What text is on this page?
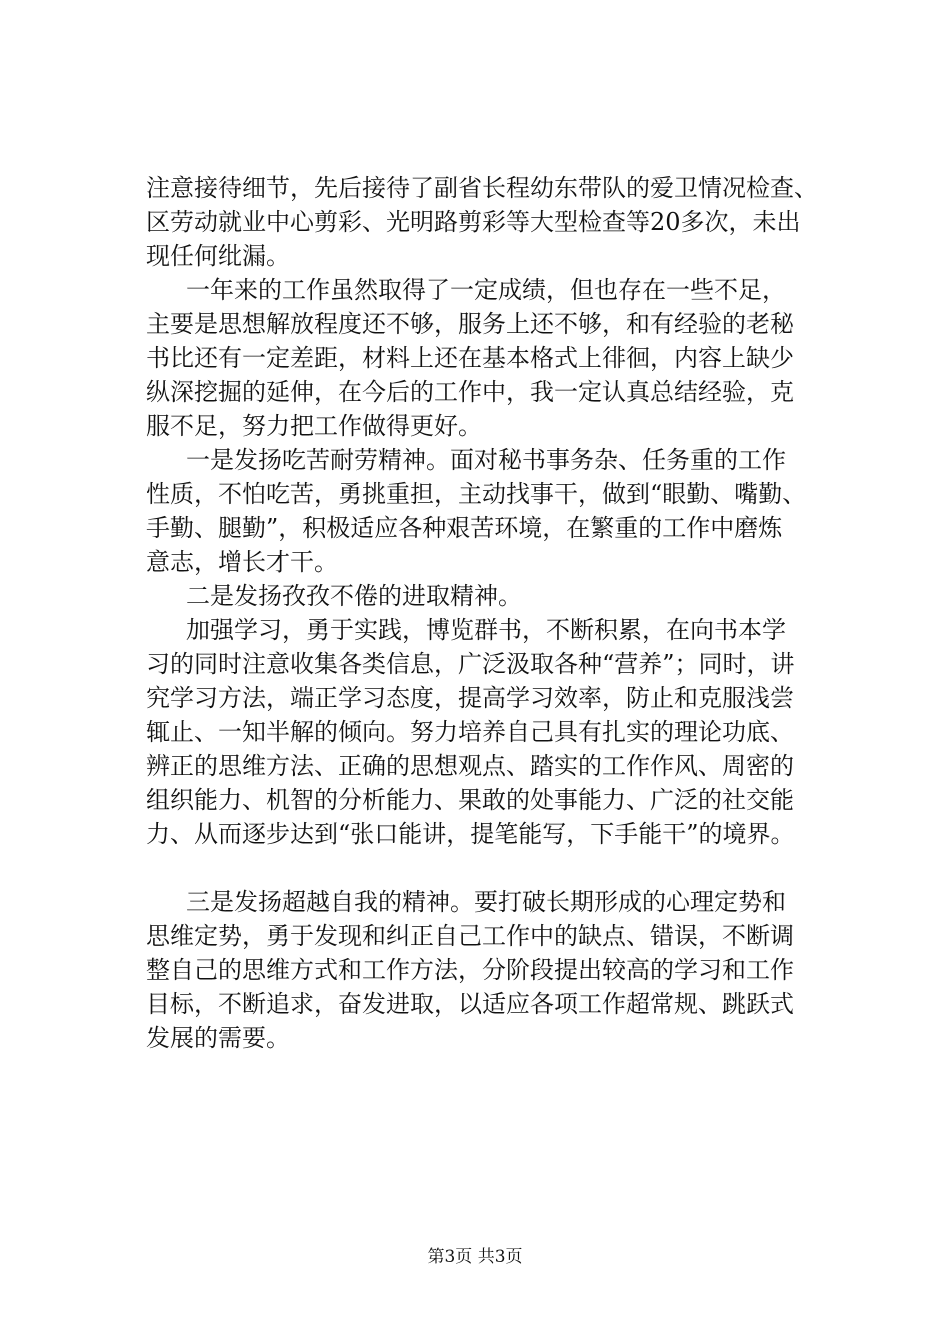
注意接待细节，先后接待了副省长程幼东带队的爱卫情况检查、

区劳动就业中心剪彩、光明路剪彩等大型检查等20多次，未出

现任何纰漏。

一年来的工作虽然取得了一定成绩，但也存在一些不足，

主要是思想解放程度还不够，服务上还不够，和有经验的老秘

书比还有一定差距，材料上还在基本格式上徘徊，内容上缺少

纵深挖掘的延伸，在今后的工作中，我一定认真总结经验，克

服不足，努力把工作做得更好。

一是发扬吃苦耐劳精神。面对秘书事务杂、任务重的工作

性质，不怕吃苦，勇挑重担，主动找事干，做到“眼勤、嘴勤、

手勤、腿勤”，积极适应各种艰苦环境，在繁重的工作中磨炼

意志，增长才干。

二是发扬孜孜不倦的进取精神。

加强学习，勇于实践，博览群书，不断积累，在向书本学

习的同时注意收集各类信息，广泛汲取各种“营养”；同时，讲

究学习方法，端正学习态度，提高学习效率，防止和克服浅尝

辄止、一知半解的倾向。努力培养自己具有扎实的理论功底、

辨正的思维方法、正确的思想观点、踏实的工作作风、周密的

组织能力、机智的分析能力、果敢的处事能力、广泛的社交能

力、从而逐步达到“张口能讲，提笔能写，下手能干”的境界。

三是发扬超越自我的精神。要打破长期形成的心理定势和

思维定势，勇于发现和纠正自己工作中的缺点、错误，不断调

整自己的思维方式和工作方法，分阶段提出较高的学习和工作

目标，不断追求，奋发进取，以适应各项工作超常规、跳跃式

发展的需要。

第3页 共3页
